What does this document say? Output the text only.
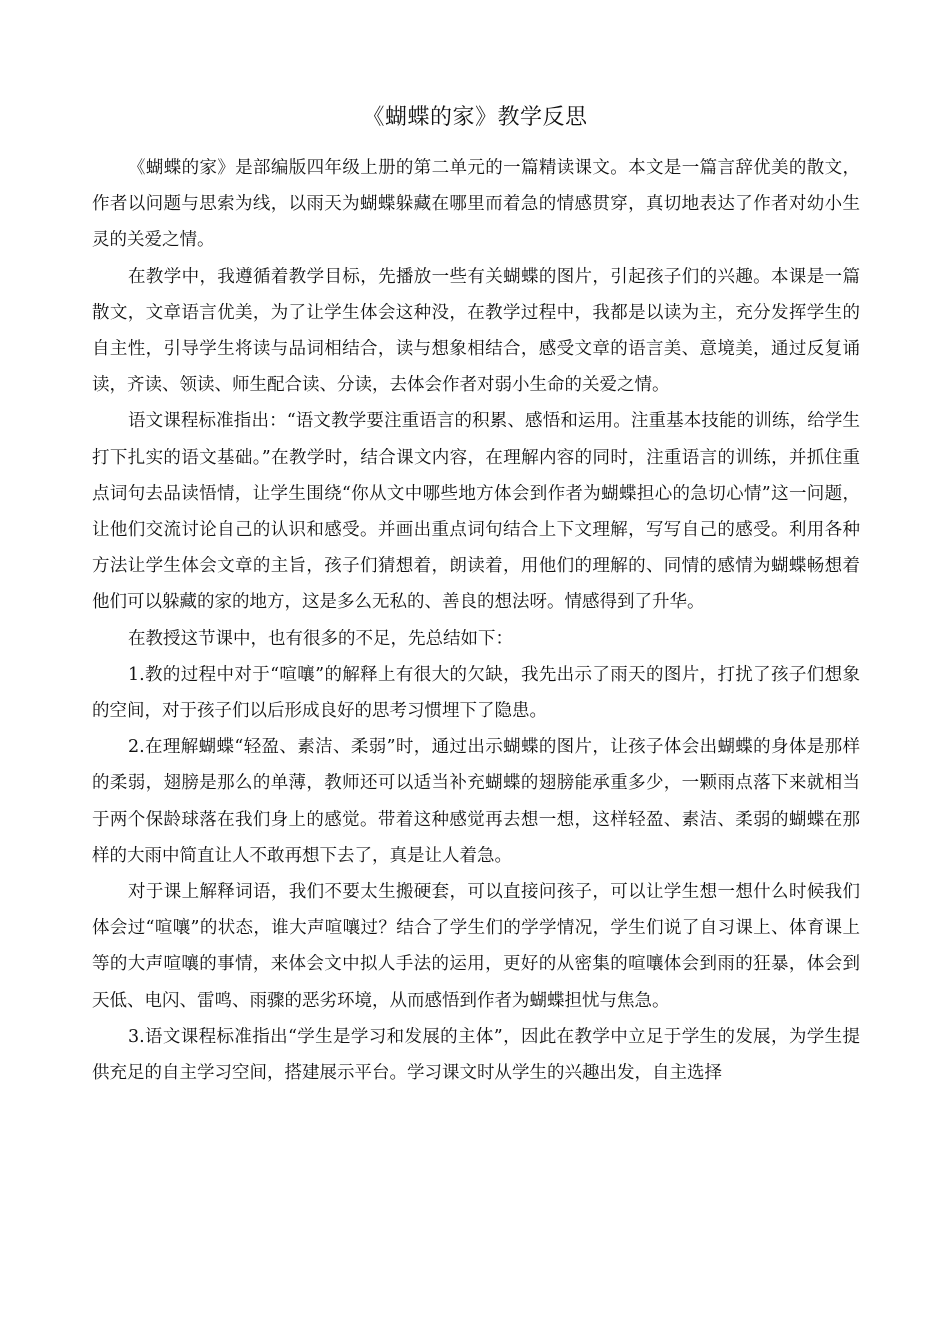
《蝴蝶的家》教学反思

《蝴蝶的家》是部编版四年级上册的第二单元的一篇精读课文。本文是一篇言辞优美的散文，作者以问题与思索为线，以雨天为蝴蝶躲藏在哪里而着急的情感贯穿，真切地表达了作者对幼小生灵的关爱之情。

在教学中，我遵循着教学目标，先播放一些有关蝴蝶的图片，引起孩子们的兴趣。本课是一篇散文，文章语言优美，为了让学生体会这种没，在教学过程中，我都是以读为主，充分发挥学生的自主性，引导学生将读与品词相结合，读与想象相结合，感受文章的语言美、意境美，通过反复诵读，齐读、领读、师生配合读、分读，去体会作者对弱小生命的关爱之情。

语文课程标准指出：“语文教学要注重语言的积累、感悟和运用。注重基本技能的训练，给学生打下扎实的语文基础。”在教学时，结合课文内容，在理解内容的同时，注重语言的训练，并抓住重点词句去品读悟情，让学生围绕“你从文中哪些地方体会到作者为蝴蝶担心的急切心情”这一问题，让他们交流讨论自己的认识和感受。并画出重点词句结合上下文理解，写写自己的感受。利用各种方法让学生体会文章的主旨，孩子们猜想着，朗读着，用他们的理解的、同情的感情为蝴蝶畅想着他们可以躲藏的家的地方，这是多么无私的、善良的想法呀。情感得到了升华。

在教授这节课中，也有很多的不足，先总结如下：

1.教的过程中对于“喧嚷”的解释上有很大的欠缺，我先出示了雨天的图片，打扰了孩子们想象的空间，对于孩子们以后形成良好的思考习惯埋下了隐患。

2.在理解蝴蝶“轻盈、素洁、柔弱”时，通过出示蝴蝶的图片，让孩子体会出蝴蝶的身体是那样的柔弱，翅膀是那么的单薄，教师还可以适当补充蝴蝶的翅膀能承重多少，一颗雨点落下来就相当于两个保龄球落在我们身上的感觉。带着这种感觉再去想一想，这样轻盈、素洁、柔弱的蝴蝶在那样的大雨中简直让人不敢再想下去了，真是让人着急。

对于课上解释词语，我们不要太生搬硬套，可以直接问孩子，可以让学生想一想什么时候我们体会过“喧嚷”的状态，谁大声喧嚷过？结合了学生们的学学情况，学生们说了自习课上、体育课上等的大声喧嚷的事情，来体会文中拟人手法的运用，更好的从密集的喧嚷体会到雨的狂暴，体会到天低、电闪、雷鸣、雨骤的恶劣环境，从而感悟到作者为蝴蝶担忧与焦急。

3.语文课程标准指出“学生是学习和发展的主体”，因此在教学中立足于学生的发展，为学生提供充足的自主学习空间，搭建展示平台。学习课文时从学生的兴趣出发，自主选择
